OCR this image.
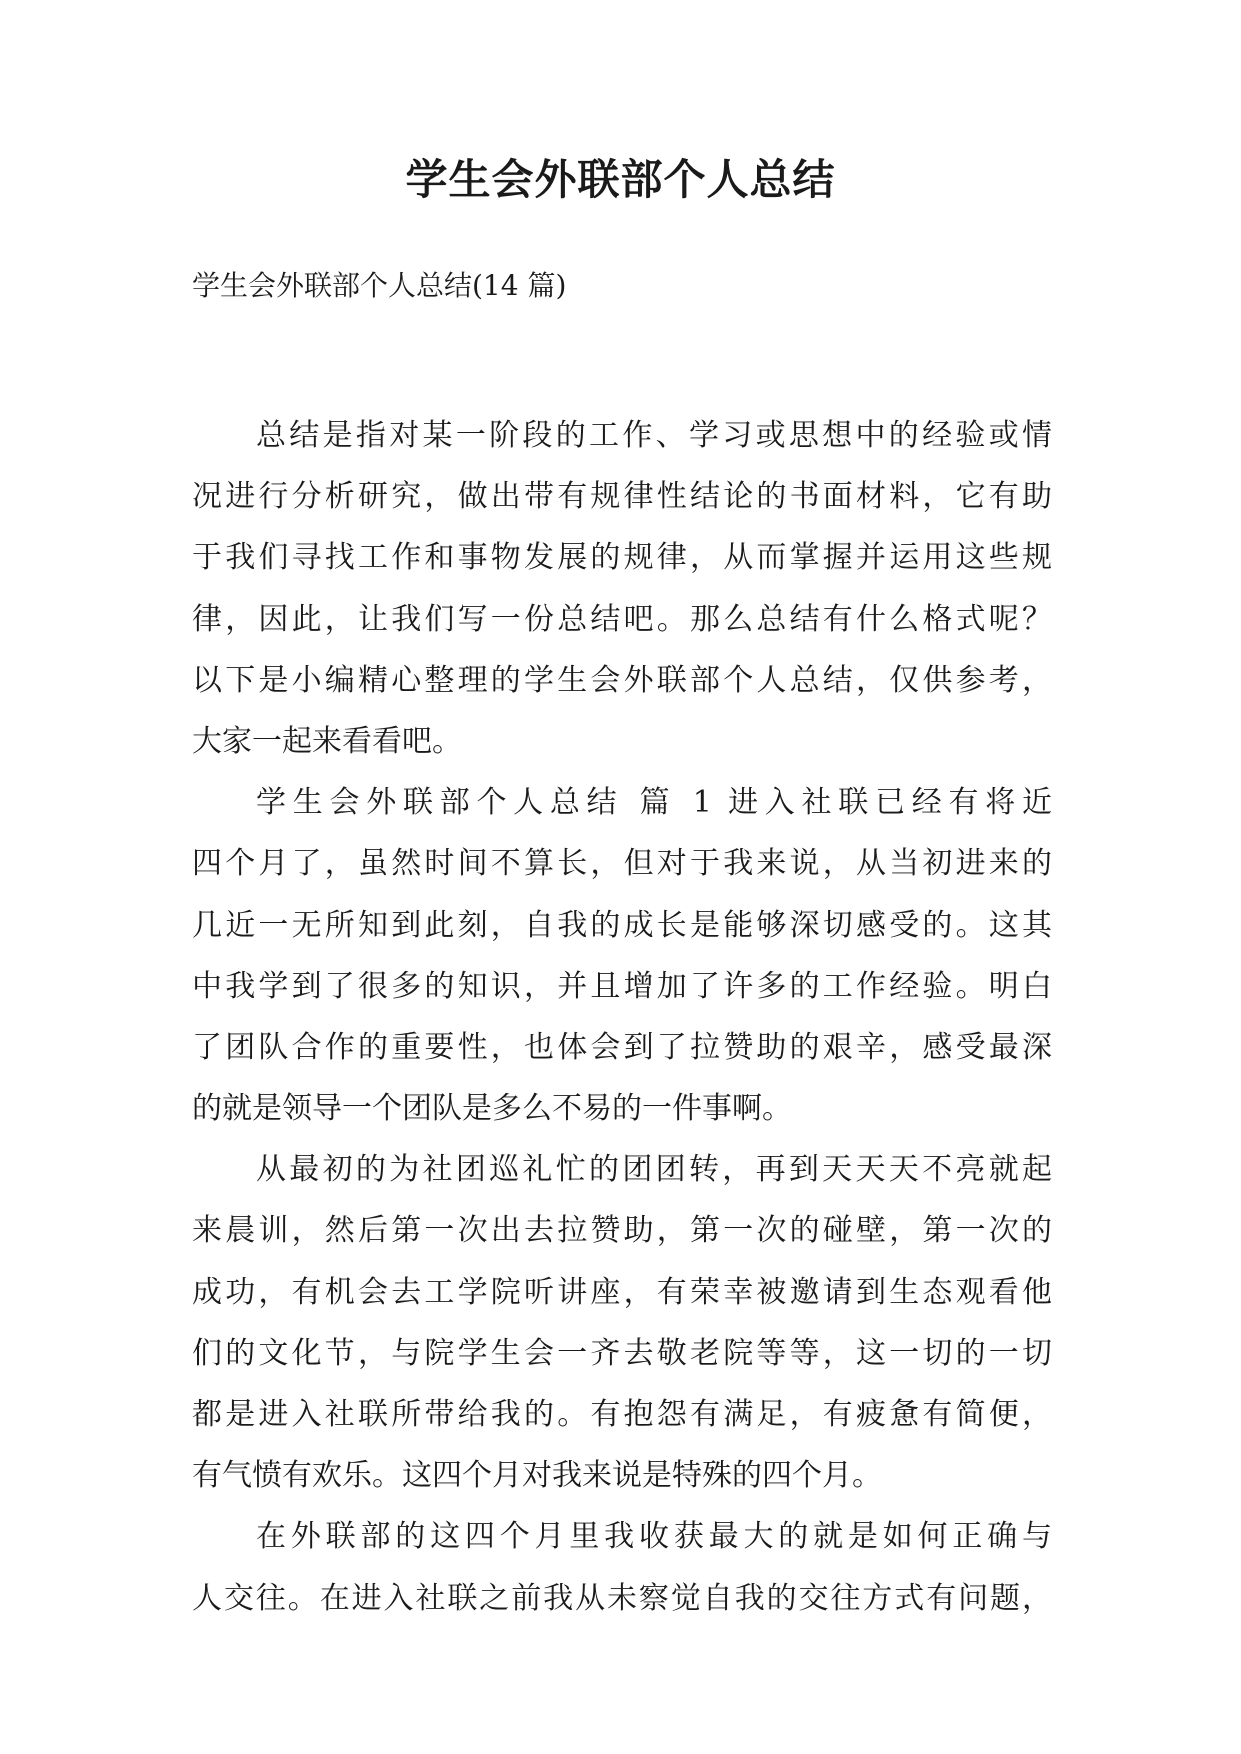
学生会外联部个人总结

学生会外联部个人总结(14 篇)

总结是指对某一阶段的工作、学习或思想中的经验或情
况进行分析研究，做出带有规律性结论的书面材料，它有助
于我们寻找工作和事物发展的规律，从而掌握并运用这些规
律，因此，让我们写一份总结吧。那么总结有什么格式呢？
以下是小编精心整理的学生会外联部个人总结，仅供参考，
大家一起来看看吧。
学生会外联部个人总结 篇 1 进入社联已经有将近
四个月了，虽然时间不算长，但对于我来说，从当初进来的
几近一无所知到此刻，自我的成长是能够深切感受的。这其
中我学到了很多的知识，并且增加了许多的工作经验。明白
了团队合作的重要性，也体会到了拉赞助的艰辛，感受最深
的就是领导一个团队是多么不易的一件事啊。
从最初的为社团巡礼忙的团团转，再到天天天不亮就起
来晨训，然后第一次出去拉赞助，第一次的碰壁，第一次的
成功，有机会去工学院听讲座，有荣幸被邀请到生态观看他
们的文化节，与院学生会一齐去敬老院等等，这一切的一切
都是进入社联所带给我的。有抱怨有满足，有疲惫有简便，
有气愤有欢乐。这四个月对我来说是特殊的四个月。
在外联部的这四个月里我收获最大的就是如何正确与
人交往。在进入社联之前我从未察觉自我的交往方式有问题，
